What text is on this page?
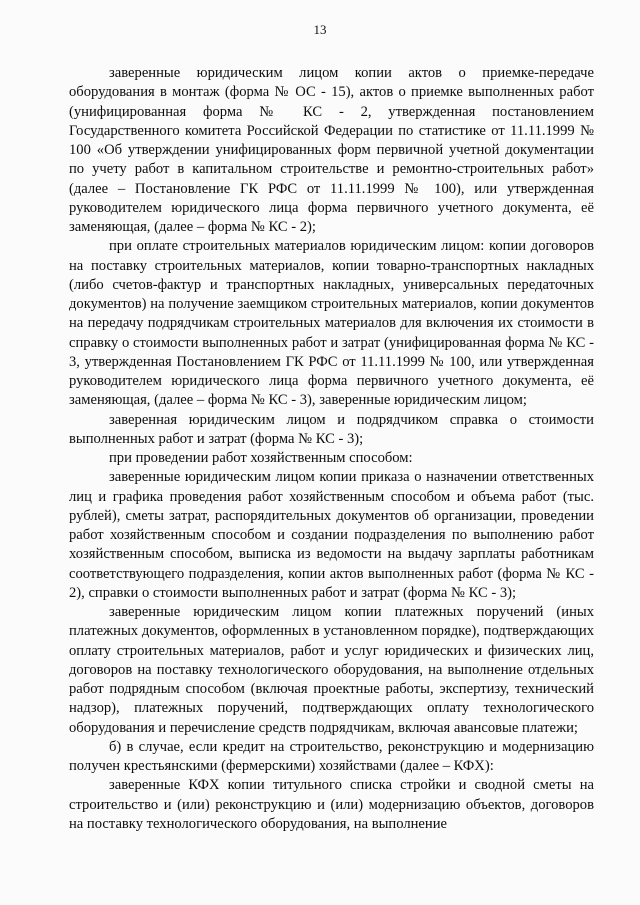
13

заверенные юридическим лицом копии актов о приемке-передаче оборудования в монтаж (форма № ОС - 15), актов о приемке выполненных работ (унифицированная форма № КС - 2, утвержденная постановлением Государственного комитета Российской Федерации по статистике от 11.11.1999 № 100 «Об утверждении унифицированных форм первичной учетной документации по учету работ в капитальном строительстве и ремонтно-строительных работ» (далее – Постановление ГК РФС от 11.11.1999 № 100), или утвержденная руководителем юридического лица форма первичного учетного документа, её заменяющая, (далее – форма № КС - 2);

при оплате строительных материалов юридическим лицом: копии договоров на поставку строительных материалов, копии товарно-транспортных накладных (либо счетов-фактур и транспортных накладных, универсальных передаточных документов) на получение заемщиком строительных материалов, копии документов на передачу подрядчикам строительных материалов для включения их стоимости в справку о стоимости выполненных работ и затрат (унифицированная форма № КС - 3, утвержденная Постановлением ГК РФС от 11.11.1999 № 100, или утвержденная руководителем юридического лица форма первичного учетного документа, её заменяющая, (далее – форма № КС - 3), заверенные юридическим лицом;

заверенная юридическим лицом и подрядчиком справка о стоимости выполненных работ и затрат (форма № КС - 3);

при проведении работ хозяйственным способом:

заверенные юридическим лицом копии приказа о назначении ответственных лиц и графика проведения работ хозяйственным способом и объема работ (тыс. рублей), сметы затрат, распорядительных документов об организации, проведении работ хозяйственным способом и создании подразделения по выполнению работ хозяйственным способом, выписка из ведомости на выдачу зарплаты работникам соответствующего подразделения, копии актов выполненных работ (форма № КС - 2), справки о стоимости выполненных работ и затрат (форма № КС - 3);

заверенные юридическим лицом копии платежных поручений (иных платежных документов, оформленных в установленном порядке), подтверждающих оплату строительных материалов, работ и услуг юридических и физических лиц, договоров на поставку технологического оборудования, на выполнение отдельных работ подрядным способом (включая проектные работы, экспертизу, технический надзор), платежных поручений, подтверждающих оплату технологического оборудования и перечисление средств подрядчикам, включая авансовые платежи;

б) в случае, если кредит на строительство, реконструкцию и модернизацию получен крестьянскими (фермерскими) хозяйствами (далее – КФХ):

заверенные КФХ копии титульного списка стройки и сводной сметы на строительство и (или) реконструкцию и (или) модернизацию объектов, договоров на поставку технологического оборудования, на выполнение
